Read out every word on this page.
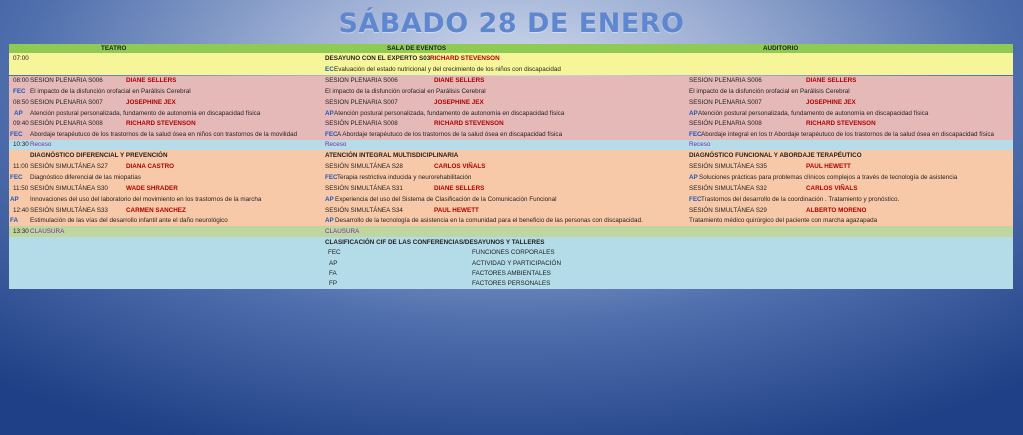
SÁBADO 28 DE ENERO
TEATRO	SALA DE EVENTOS	AUDITORIO
07:00	DESAYUNO CON EL EXPERTO S03 RICHARD STEVENSON
EC Evaluación del estado nutricional y del crecimiento de los niños con discapacidad
08:00 SESION PLENARIA S006	DIANE SELLERS	SESION PLENARIA S006	DIANE SELLERS	SESION PLENARIA S006	DIANE SELLERS
FEC El impacto de la disfunción orofacial en Parálisis Cerebral	El impacto de la disfunción orofacial en Parálisis Cerebral	El impacto de la disfunción orofacial en Parálisis Cerebral
08:50 SESION PLENARIA S007	JOSEPHINE JEX	SESION PLENARIA S007	JOSEPHINE JEX	SESION PLENARIA S007	JOSEPHINE JEX
AP Atención postural personalizada, fundamento de autonomía en discapacidad física	AP Atención postural personalizada, fundamento de autonomía en discapacidad física	AP Atención postural personalizada, fundamento de autonomía en discapacidad física
09:40 SESIÓN PLENARIA S008	RICHARD STEVENSON	SESIÓN PLENARIA S008	RICHARD STEVENSON	SESIÓN PLENARIA S008	RICHARD STEVENSON
FEC Abordaje terapéutuco de los trastornos de la salud ósea en niños con trastornos de la movilidad	FEC A Abordaje terapéutuco de los trastornos de la salud ósea en discapacidad física	FEC Abordaje integral en los tr Abordaje terapéutuco de los trastornos de la salud ósea en discapacidad física
10:30 Receso	Receso	Receso
DIAGNÓSTICO DIFERENCIAL Y PREVENCIÓN	ATENCIÓN INTEGRAL MULTISDICIPLINARIA	DIAGNÓSTICO FUNCIONAL Y ABORDAJE TERAPÉUTICO
11:00 SESIÓN SIMULTÁNEA S27	DIANA CASTRO	SESIÓN SIMULTÁNEA S28	CARLOS VIÑALS	SESIÓN SIMULTÁNEA S35	PAUL HEWETT
FEC Diagnóstico diferencial de las miopatías	FEC Terapia restrictiva inducida y neurorehabilitación	AP Soluciones prácticas para problemas clínicos complejos a través de tecnología de asistencia
11:50 SESIÓN SIMULTÁNEA S30	WADE SHRADER	SESIÓN SIMULTÁNEA S31	DIANE SELLERS	SESIÓN SIMULTÁNEA S32	CARLOS VIÑALS
AP Innovaciones del uso del laboratorio del movimiento en los trastornos de la marcha	AP Experiencia del uso del Sistema de Clasificación de la Comunicación Funcional	FEC Trastornos del desarrollo de la coordinación . Tratamiento y pronóstico.
12:40 SESIÓN SIMULTÁNEA S33	CARMEN SANCHEZ	SESIÓN SIMULTÁNEA S34	PAUL HEWETT	SESIÓN SIMULTÁNEA S29	ALBERTO MORENO
FA Estimulación de las vías del desarrollo infantil ante el daño neurológico	AP Desarrollo de la tecnología de asistencia en la comunidad para el beneficio de las personas con discapacidad.	Tratamiento médico quirúrgico del paciente con marcha agazapada
13:30 CLAUSURA	CLAUSURA
CLASIFICACIÓN CIF DE LAS CONFERENCIAS/DESAYUNOS Y TALLERES
FEC	FUNCIONES CORPORALES
AP	ACTIVIDAD Y PARTICIPACIÓN
FA	FACTORES AMBIENTALES
FP	FACTORES PERSONALES
